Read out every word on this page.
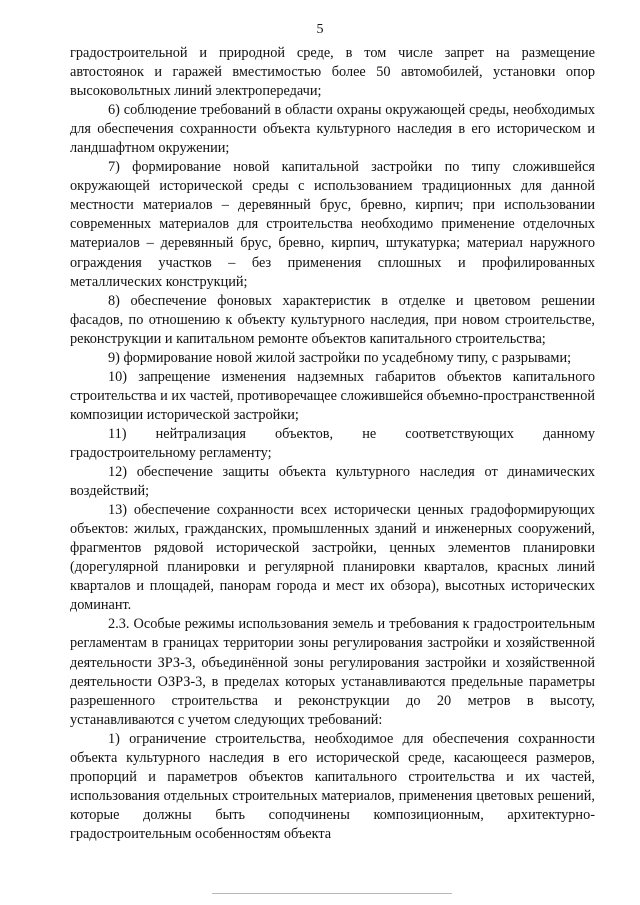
5

градостроительной и природной среде, в том числе запрет на размещение автостоянок и гаражей вместимостью более 50 автомобилей, установки опор высоковольтных линий электропередачи;

6) соблюдение требований в области охраны окружающей среды, необходимых для обеспечения сохранности объекта культурного наследия в его историческом и ландшафтном окружении;

7) формирование новой капитальной застройки по типу сложившейся окружающей исторической среды с использованием традиционных для данной местности материалов – деревянный брус, бревно, кирпич; при использовании современных материалов для строительства необходимо применение отделочных материалов – деревянный брус, бревно, кирпич, штукатурка; материал наружного ограждения участков – без применения сплошных и профилированных металлических конструкций;

8) обеспечение фоновых характеристик в отделке и цветовом решении фасадов, по отношению к объекту культурного наследия, при новом строительстве, реконструкции и капитальном ремонте объектов капитального строительства;

9) формирование новой жилой застройки по усадебному типу, с разрывами;

10) запрещение изменения надземных габаритов объектов капитального строительства и их частей, противоречащее сложившейся объемно-пространственной композиции исторической застройки;

11) нейтрализация объектов, не соответствующих данному градостроительному регламенту;

12) обеспечение защиты объекта культурного наследия от динамических воздействий;

13) обеспечение сохранности всех исторически ценных градоформирующих объектов: жилых, гражданских, промышленных зданий и инженерных сооружений, фрагментов рядовой исторической застройки, ценных элементов планировки (дорегулярной планировки и регулярной планировки кварталов, красных линий кварталов и площадей, панорам города и мест их обзора), высотных исторических доминант.

2.3. Особые режимы использования земель и требования к градостроительным регламентам в границах территории зоны регулирования застройки и хозяйственной деятельности ЗРЗ-3, объединённой зоны регулирования застройки и хозяйственной деятельности ОЗРЗ-3, в пределах которых устанавливаются предельные параметры разрешенного строительства и реконструкции до 20 метров в высоту, устанавливаются с учетом следующих требований:

1) ограничение строительства, необходимое для обеспечения сохранности объекта культурного наследия в его исторической среде, касающееся размеров, пропорций и параметров объектов капитального строительства и их частей, использования отдельных строительных материалов, применения цветовых решений, которые должны быть соподчинены композиционным, архитектурно-градостроительным особенностям объекта
